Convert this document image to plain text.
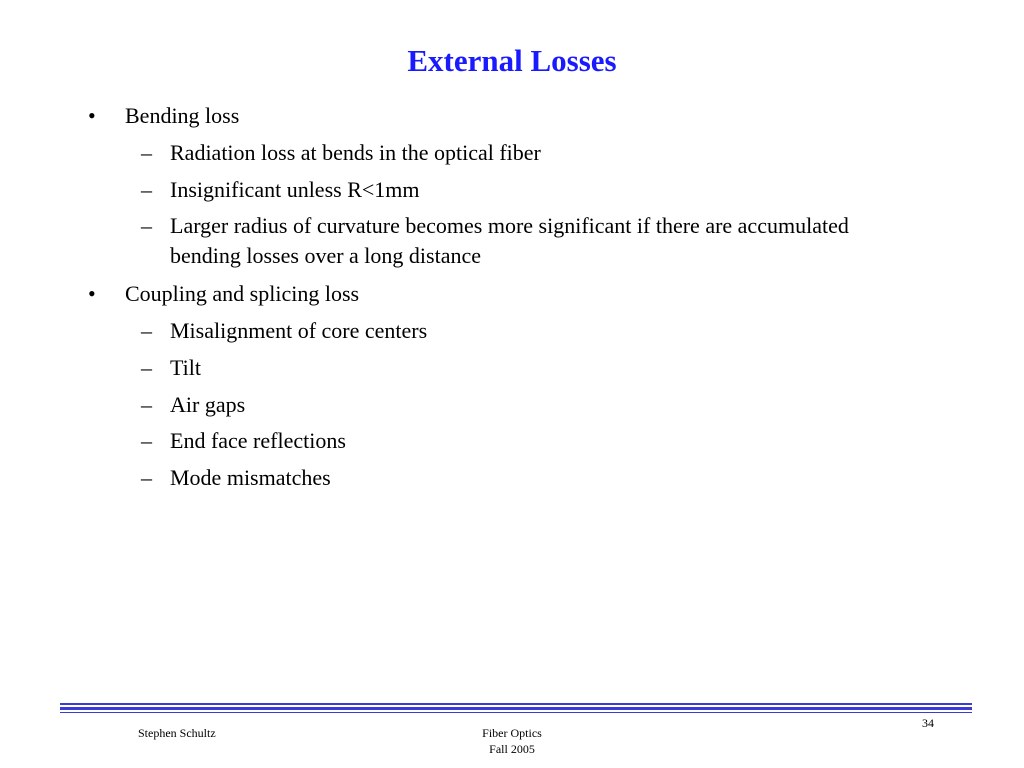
External Losses
• Bending loss
– Radiation loss at bends in the optical fiber
– Insignificant unless R<1mm
– Larger radius of curvature becomes more significant if there are accumulated bending losses over a long distance
• Coupling and splicing loss
– Misalignment of core centers
– Tilt
– Air gaps
– End face reflections
– Mode mismatches
Stephen Schultz	Fiber Optics
Fall 2005
34
